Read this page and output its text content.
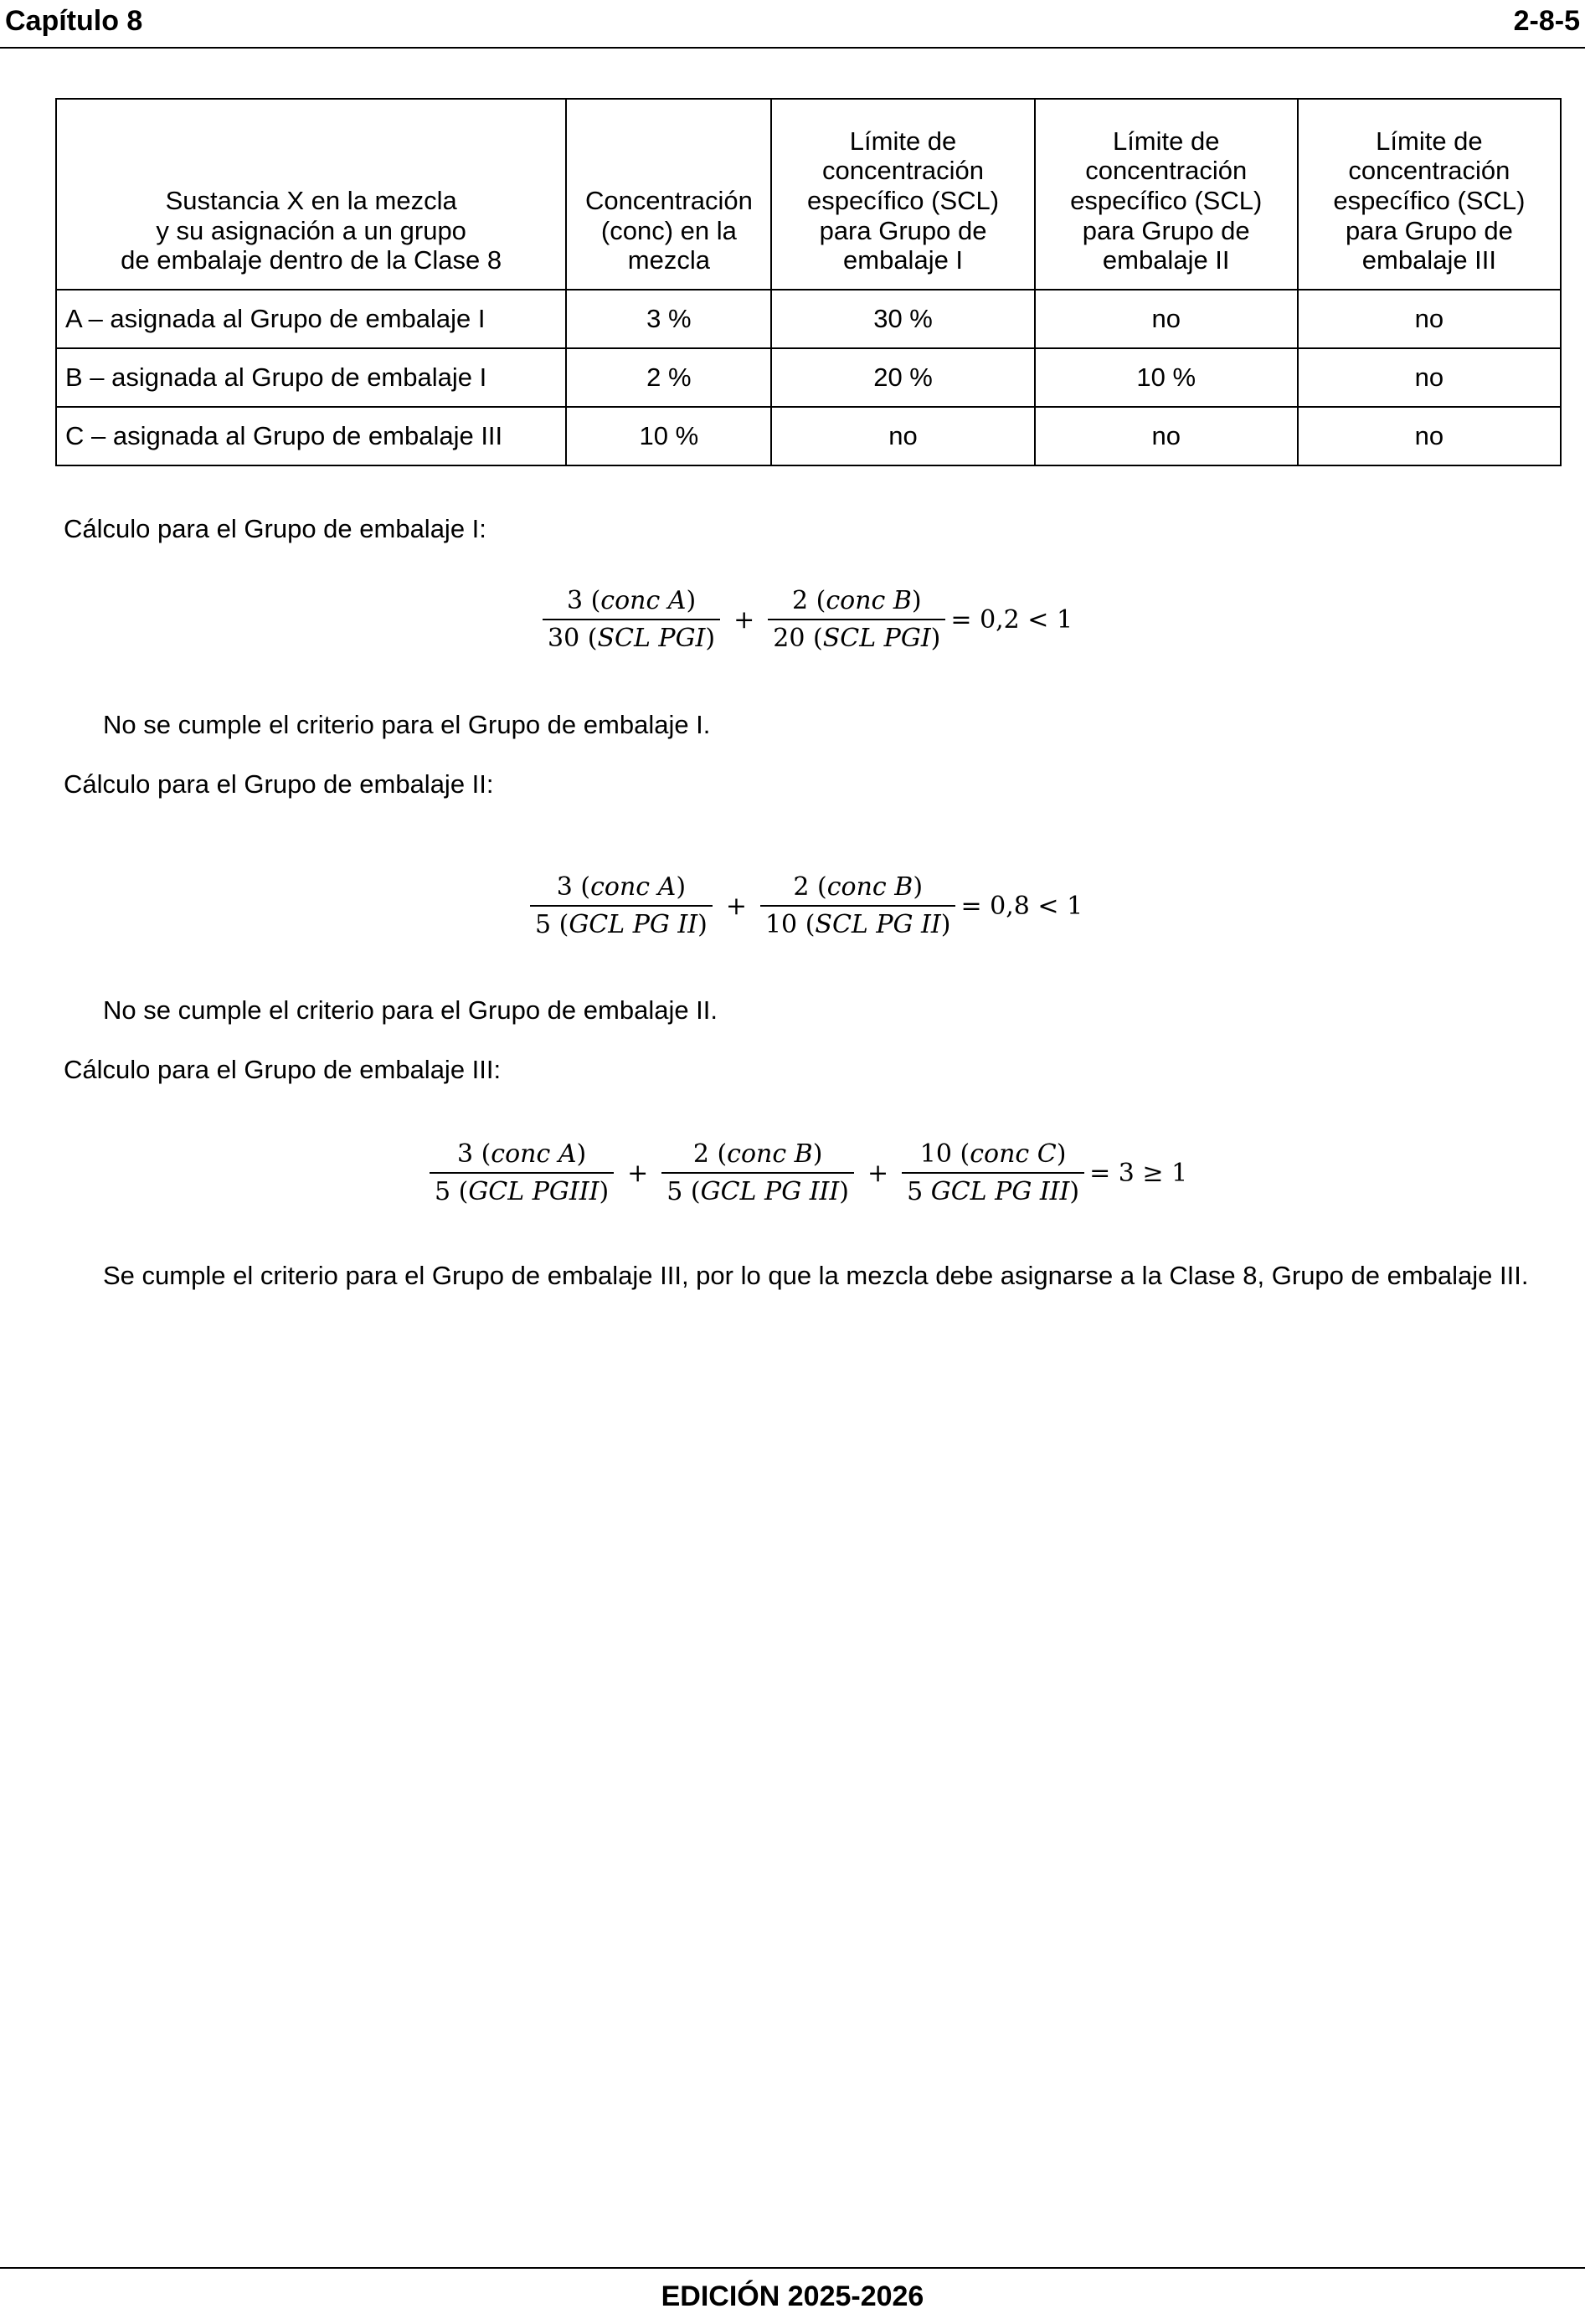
Capítulo 8	2-8-5
Sustancia X en la mezcla
y su asignación a un grupo
de embalaje dentro de la Clase 8	Concentración
(conc) en la
mezcla	Límite de
concentración
específico (SCL)
para Grupo de
embalaje I	Límite de
concentración
específico (SCL)
para Grupo de
embalaje II	Límite de
concentración
específico (SCL)
para Grupo de
embalaje III

A – asignada al Grupo de embalaje I	3 %	30 %	no	no
B – asignada al Grupo de embalaje I	2 %	20 %	10 %	no
C – asignada al Grupo de embalaje III	10 %	no	no	no
Cálculo para el Grupo de embalaje I:
$\frac{\text{3 (conc A)}}{\text{30 (SCL PGI)}} + \frac{\text{2 (conc B)}}{\text{20 (SCL PGI)}} = 0,2 < 1$
No se cumple el criterio para el Grupo de embalaje I.
Cálculo para el Grupo de embalaje II:
$\frac{\text{3 (conc A)}}{\text{5 (GCL PG II)}} + \frac{\text{2 (conc B)}}{\text{10 (SCL PG II)}} = 0,8 < 1$
No se cumple el criterio para el Grupo de embalaje II.
Cálculo para el Grupo de embalaje III:
$\frac{\text{3 (conc A)}}{\text{5 (GCL PGIII)}} + \frac{\text{2 (conc B)}}{\text{5 (GCL PG III)}} + \frac{\text{10 (conc C)}}{\text{5 GCL PG III)}} = 3 \ge 1$
Se cumple el criterio para el Grupo de embalaje III, por lo que la mezcla debe asignarse a la Clase 8, Grupo de embalaje III.
EDICIÓN 2025-2026
